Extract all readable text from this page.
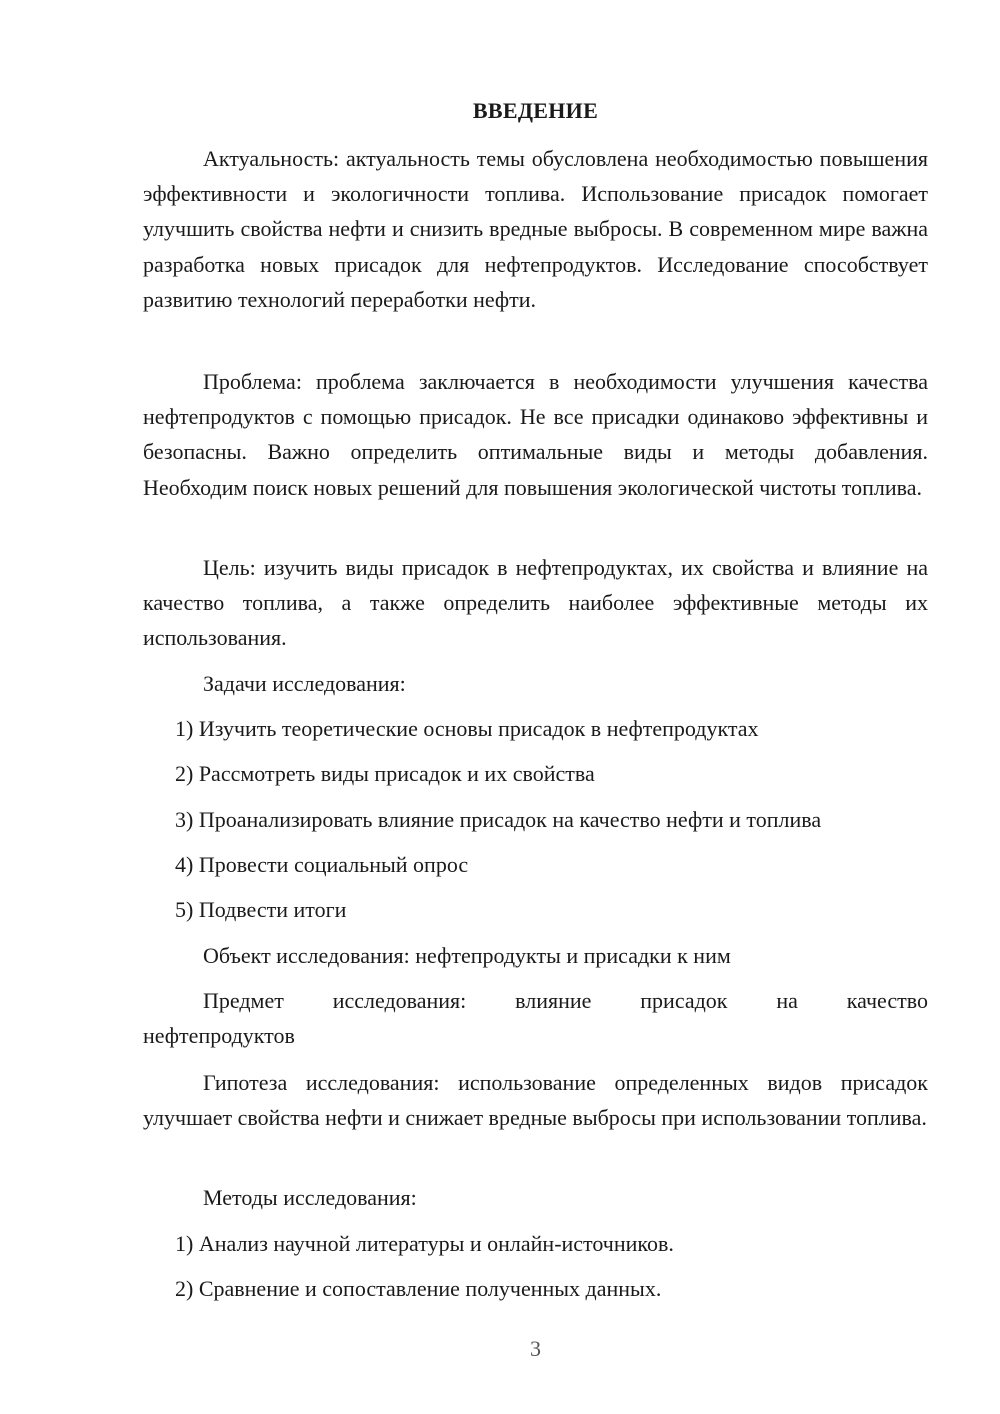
ВВЕДЕНИЕ

Актуальность: актуальность темы обусловлена необходимостью повышения эффективности и экологичности топлива. Использование присадок помогает улучшить свойства нефти и снизить вредные выбросы. В современном мире важна разработка новых присадок для нефтепродуктов. Исследование способствует развитию технологий переработки нефти.

Проблема: проблема заключается в необходимости улучшения качества нефтепродуктов с помощью присадок. Не все присадки одинаково эффективны и безопасны. Важно определить оптимальные виды и методы добавления. Необходим поиск новых решений для повышения экологической чистоты топлива.

Цель: изучить виды присадок в нефтепродуктах, их свойства и влияние на качество топлива, а также определить наиболее эффективные методы их использования.

Задачи исследования:

1) Изучить теоретические основы присадок в нефтепродуктах

2) Рассмотреть виды присадок и их свойства

3) Проанализировать влияние присадок на качество нефти и топлива

4) Провести социальный опрос

5) Подвести итоги

Объект исследования: нефтепродукты и присадки к ним

Предмет исследования: влияние присадок на качество

нефтепродуктов

Гипотеза исследования: использование определенных видов присадок улучшает свойства нефти и снижает вредные выбросы при использовании топлива.

Методы исследования:

1) Анализ научной литературы и онлайн-источников.

2) Сравнение и сопоставление полученных данных.

3
